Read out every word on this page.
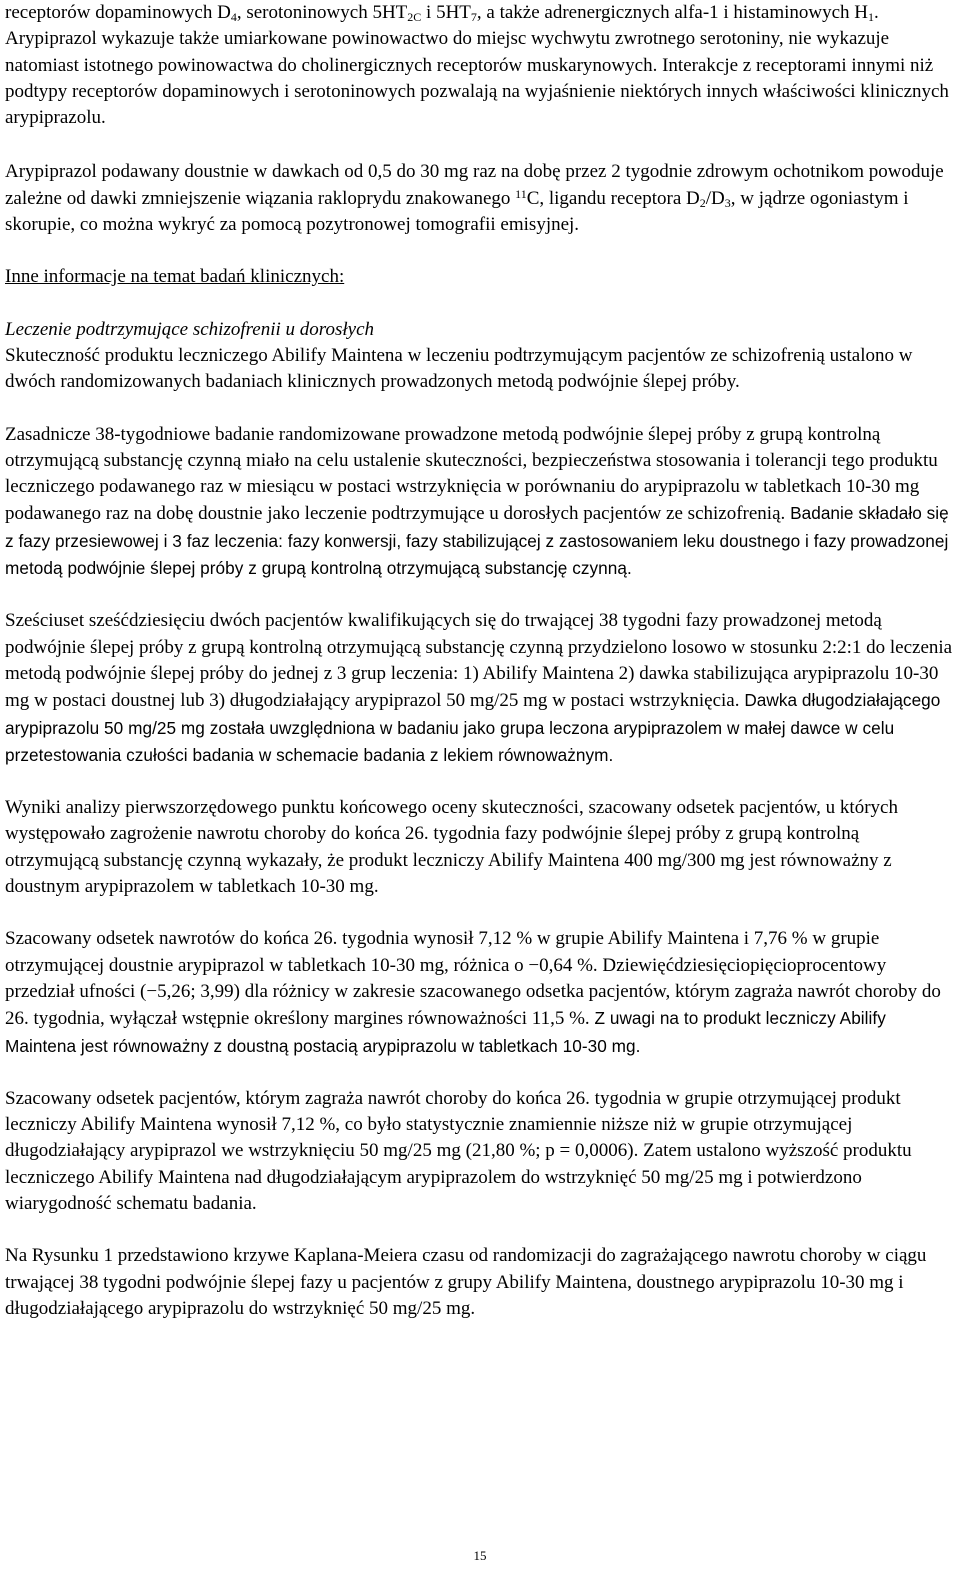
receptorów dopaminowych $D_4$, serotoninowych $5HT_{2C}$ i $5HT_7$, a także adrenergicznych alfa-1 i histaminowych $H_1$. Arypiprazol wykazuje także umiarkowane powinowactwo do miejsc wychwytu zwrotnego serotoniny, nie wykazuje natomiast istotnego powinowactwa do cholinergicznych receptorów muskarynowych. Interakcje z receptorami innymi niż podtypy receptorów dopaminowych i serotoninowych pozwalają na wyjaśnienie niektórych innych właściwości klinicznych arypiprazolu.

Arypiprazol podawany doustnie w dawkach od 0,5 do 30 mg raz na dobę przez 2 tygodnie zdrowym ochotnikom powoduje zależne od dawki zmniejszenie wiązania rakloprydu znakowanego $^{11}$C, ligandu receptora $D_2/D_3$, w jądrze ogoniastym i skorupie, co można wykryć za pomocą pozytronowej tomografii emisyjnej.

Inne informacje na temat badań klinicznych:

Leczenie podtrzymujące schizofrenii u dorosłych
Skuteczność produktu leczniczego Abilify Maintena w leczeniu podtrzymującym pacjentów ze schizofrenią ustalono w dwóch randomizowanych badaniach klinicznych prowadzonych metodą podwójnie ślepej próby.

Zasadnicze 38-tygodniowe badanie randomizowane prowadzone metodą podwójnie ślepej próby z grupą kontrolną otrzymującą substancję czynną miało na celu ustalenie skuteczności, bezpieczeństwa stosowania i tolerancji tego produktu leczniczego podawanego raz w miesiącu w postaci wstrzyknięcia w porównaniu do arypiprazolu w tabletkach 10-30 mg podawanego raz na dobę doustnie jako leczenie podtrzymujące u dorosłych pacjentów ze schizofrenią. Badanie składało się z fazy przesiewowej i 3 faz leczenia: fazy konwersji, fazy stabilizującej z zastosowaniem leku doustnego i fazy prowadzonej metodą podwójnie ślepej próby z grupą kontrolną otrzymującą substancję czynną.

Sześciuset sześćdziesięciu dwóch pacjentów kwalifikujących się do trwającej 38 tygodni fazy prowadzonej metodą podwójnie ślepej próby z grupą kontrolną otrzymującą substancję czynną przydzielono losowo w stosunku 2:2:1 do leczenia metodą podwójnie ślepej próby do jednej z 3 grup leczenia: 1) Abilify Maintena 2) dawka stabilizująca arypiprazolu 10-30 mg w postaci doustnej lub 3) długodziałający arypiprazol 50 mg/25 mg w postaci wstrzyknięcia. Dawka długodziałającego arypiprazolu 50 mg/25 mg została uwzględniona w badaniu jako grupa leczona arypiprazolem w małej dawce w celu przetestowania czułości badania w schemacie badania z lekiem równoważnym.

Wyniki analizy pierwszorzędowego punktu końcowego oceny skuteczności, szacowany odsetek pacjentów, u których występowało zagrożenie nawrotu choroby do końca 26. tygodnia fazy podwójnie ślepej próby z grupą kontrolną otrzymującą substancję czynną wykazały, że produkt leczniczy Abilify Maintena 400 mg/300 mg jest równoważny z doustnym arypiprazolem w tabletkach 10-30 mg.

Szacowany odsetek nawrotów do końca 26. tygodnia wynosił 7,12 % w grupie Abilify Maintena i 7,76 % w grupie otrzymującej doustnie arypiprazol w tabletkach 10-30 mg, różnica o −0,64 %. Dziewięćdziesięciopięcioprocentowy przedział ufności (−5,26; 3,99) dla różnicy w zakresie szacowanego odsetka pacjentów, którym zagraża nawrót choroby do 26. tygodnia, wyłączał wstępnie określony margines równoważności 11,5 %. Z uwagi na to produkt leczniczy Abilify Maintena jest równoważny z doustną postacią arypiprazolu w tabletkach 10-30 mg.

Szacowany odsetek pacjentów, którym zagraża nawrót choroby do końca 26. tygodnia w grupie otrzymującej produkt leczniczy Abilify Maintena wynosił 7,12 %, co było statystycznie znamiennie niższe niż w grupie otrzymującej długodziałający arypiprazol we wstrzyknięciu 50 mg/25 mg (21,80 %; p = 0,0006). Zatem ustalono wyższość produktu leczniczego Abilify Maintena nad długodziałającym arypiprazolem do wstrzyknięć 50 mg/25 mg i potwierdzono wiarygodność schematu badania.

Na Rysunku 1 przedstawiono krzywe Kaplana-Meiera czasu od randomizacji do zagrażającego nawrotu choroby w ciągu trwającej 38 tygodni podwójnie ślepej fazy u pacjentów z grupy Abilify Maintena, doustnego arypiprazolu 10-30 mg i długodziałającego arypiprazolu do wstrzyknięć 50 mg/25 mg.

15
